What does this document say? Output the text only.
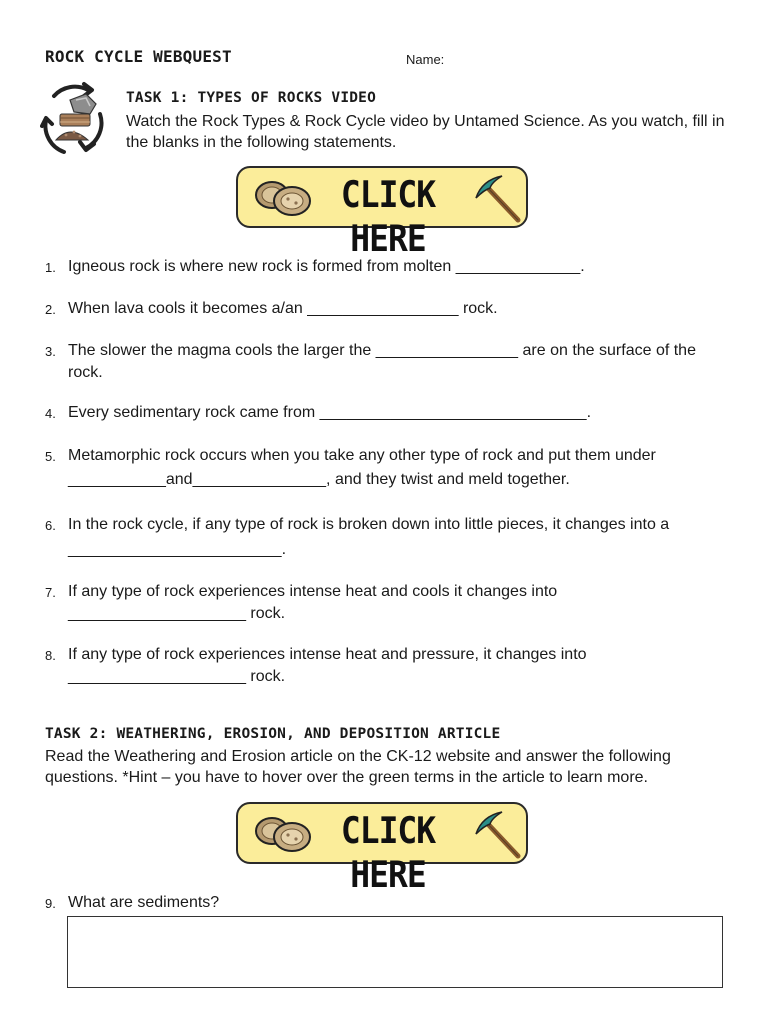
ROCK CYCLE WEBQUEST	Name:
TASK 1: TYPES OF ROCKS VIDEO
Watch the Rock Types & Rock Cycle video by Untamed Science. As you watch, fill in the blanks in the following statements.
CLICK HERE
1. Igneous rock is where new rock is formed from molten ______________.
2. When lava cools it becomes a/an _________________ rock.
3. The slower the magma cools the larger the ________________ are on the surface of the rock.
4. Every sedimentary rock came from ______________________________.
5. Metamorphic rock occurs when you take any other type of rock and put them under ___________and_______________, and they twist and meld together.
6. In the rock cycle, if any type of rock is broken down into little pieces, it changes into a ________________________.
7. If any type of rock experiences intense heat and cools it changes into ____________________ rock.
8. If any type of rock experiences intense heat and pressure, it changes into ____________________ rock.
TASK 2: WEATHERING, EROSION, AND DEPOSITION ARTICLE
Read the Weathering and Erosion article on the CK-12 website and answer the following questions. *Hint – you have to hover over the green terms in the article to learn more.
CLICK HERE
9. What are sediments?
